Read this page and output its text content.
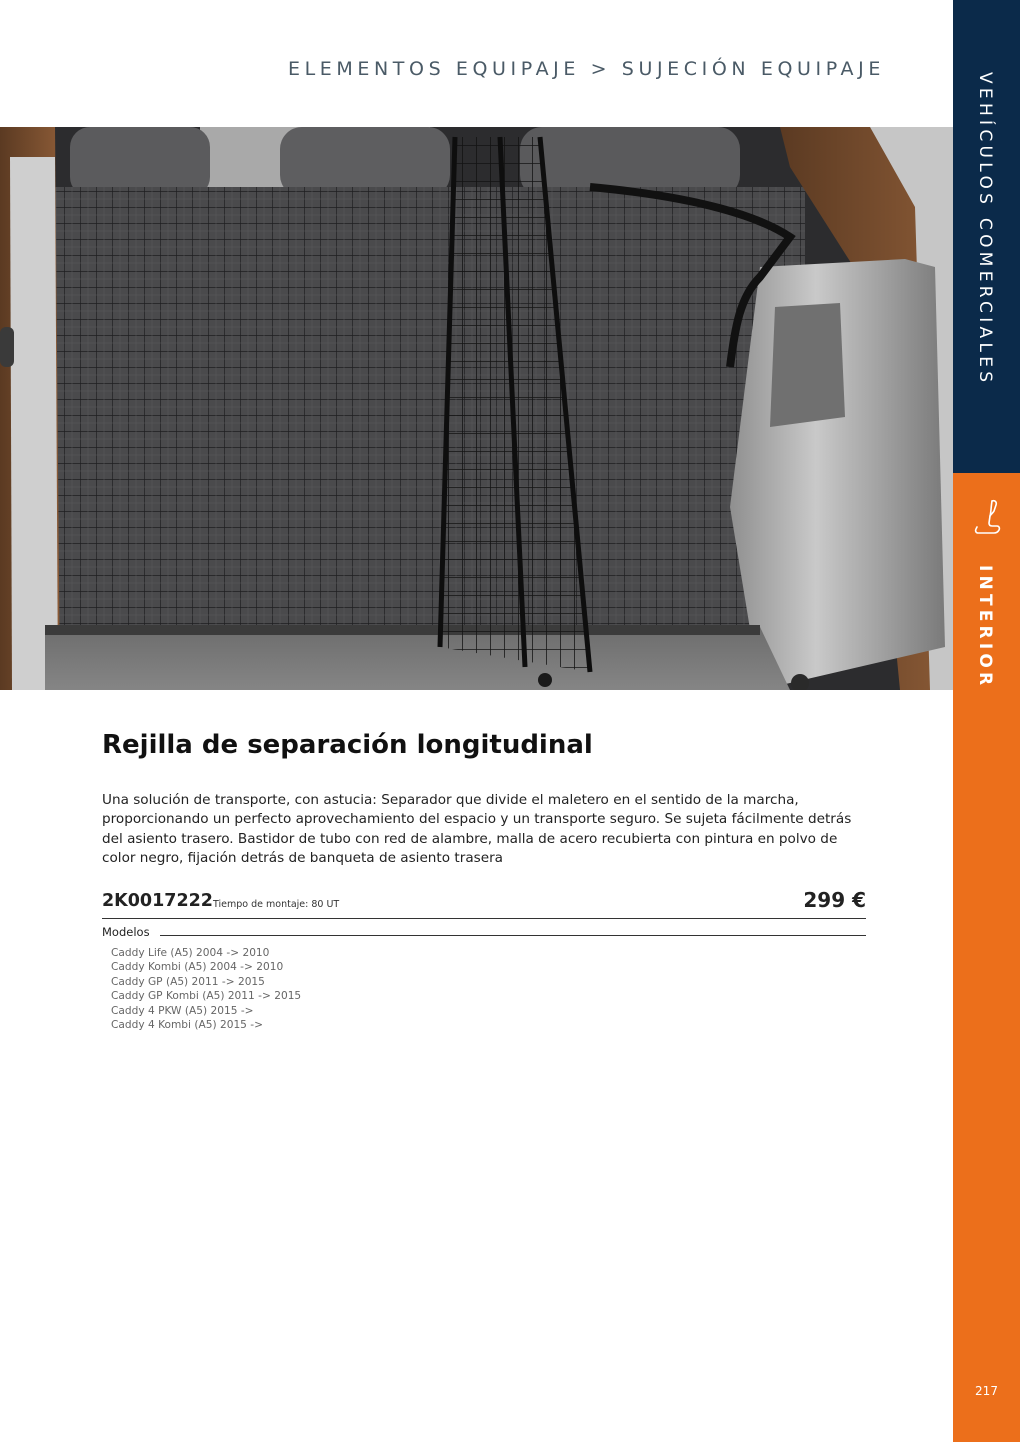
ELEMENTOS EQUIPAJE > SUJECIÓN EQUIPAJE
VEHÍCULOS COMERCIALES
INTERIOR
217
Rejilla de separación longitudinal

Una solución de transporte, con astucia: Separador que divide el maletero en el sentido de la marcha, proporcionando un perfecto aprovechamiento del espacio y un transporte seguro. Se sujeta fácilmente detrás del asiento trasero. Bastidor de tubo con red de alambre, malla de acero recubierta con pintura en polvo de color negro, fijación detrás de banqueta de asiento trasera

2K0017222 Tiempo de montaje: 80 UT	299 €
Modelos
Caddy Life (A5) 2004 -> 2010
Caddy Kombi (A5) 2004 -> 2010
Caddy GP (A5) 2011 -> 2015
Caddy GP Kombi (A5) 2011 -> 2015
Caddy 4 PKW (A5) 2015 ->
Caddy 4 Kombi (A5) 2015 ->
